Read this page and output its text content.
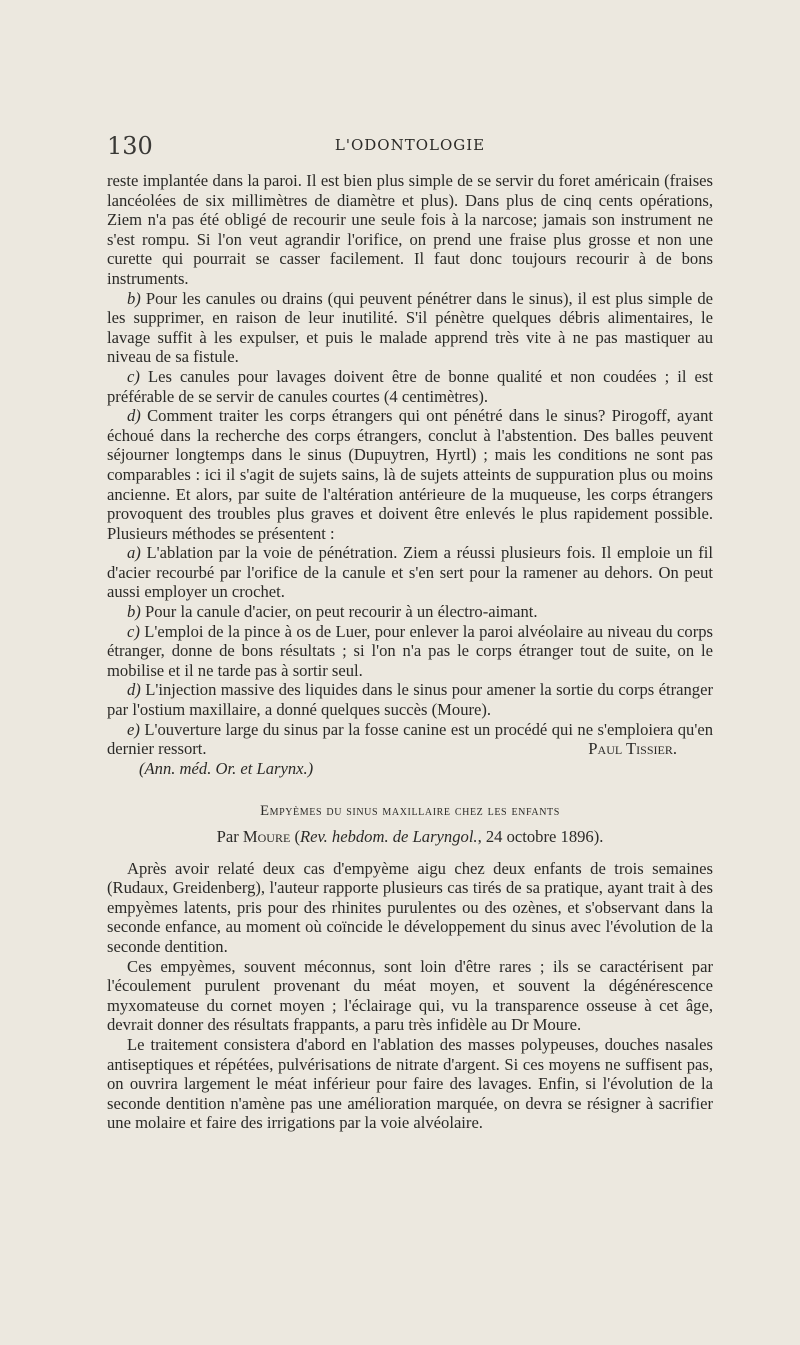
130	L'ODONTOLOGIE

reste implantée dans la paroi. Il est bien plus simple de se servir du foret américain (fraises lancéolées de six millimètres de diamètre et plus). Dans plus de cinq cents opérations, Ziem n'a pas été obligé de recourir une seule fois à la narcose; jamais son instrument ne s'est rompu. Si l'on veut agrandir l'orifice, on prend une fraise plus grosse et non une curette qui pourrait se casser facilement. Il faut donc toujours recourir à de bons instruments.

b) Pour les canules ou drains (qui peuvent pénétrer dans le sinus), il est plus simple de les supprimer, en raison de leur inutilité. S'il pénètre quelques débris alimentaires, le lavage suffit à les expulser, et puis le malade apprend très vite à ne pas mastiquer au niveau de sa fistule.

c) Les canules pour lavages doivent être de bonne qualité et non coudées ; il est préférable de se servir de canules courtes (4 centimètres).

d) Comment traiter les corps étrangers qui ont pénétré dans le sinus? Pirogoff, ayant échoué dans la recherche des corps étrangers, conclut à l'abstention. Des balles peuvent séjourner longtemps dans le sinus (Dupuytren, Hyrtl) ; mais les conditions ne sont pas comparables : ici il s'agit de sujets sains, là de sujets atteints de suppuration plus ou moins ancienne. Et alors, par suite de l'altération antérieure de la muqueuse, les corps étrangers provoquent des troubles plus graves et doivent être enlevés le plus rapidement possible. Plusieurs méthodes se présentent :

a) L'ablation par la voie de pénétration. Ziem a réussi plusieurs fois. Il emploie un fil d'acier recourbé par l'orifice de la canule et s'en sert pour la ramener au dehors. On peut aussi employer un crochet.

b) Pour la canule d'acier, on peut recourir à un électro-aimant.

c) L'emploi de la pince à os de Luer, pour enlever la paroi alvéolaire au niveau du corps étranger, donne de bons résultats ; si l'on n'a pas le corps étranger tout de suite, on le mobilise et il ne tarde pas à sortir seul.

d) L'injection massive des liquides dans le sinus pour amener la sortie du corps étranger par l'ostium maxillaire, a donné quelques succès (Moure).

e) L'ouverture large du sinus par la fosse canine est un procédé qui ne s'emploiera qu'en dernier ressort.	Paul Tissier.

(Ann. méd. Or. et Larynx.)

Empyèmes du sinus maxillaire chez les enfants

Par Moure (Rev. hebdom. de Laryngol., 24 octobre 1896).

Après avoir relaté deux cas d'empyème aigu chez deux enfants de trois semaines (Rudaux, Greidenberg), l'auteur rapporte plusieurs cas tirés de sa pratique, ayant trait à des empyèmes latents, pris pour des rhinites purulentes ou des ozènes, et s'observant dans la seconde enfance, au moment où coïncide le développement du sinus avec l'évolution de la seconde dentition.

Ces empyèmes, souvent méconnus, sont loin d'être rares ; ils se caractérisent par l'écoulement purulent provenant du méat moyen, et souvent la dégénérescence myxomateuse du cornet moyen ; l'éclairage qui, vu la transparence osseuse à cet âge, devrait donner des résultats frappants, a paru très infidèle au Dr Moure.

Le traitement consistera d'abord en l'ablation des masses polypeuses, douches nasales antiseptiques et répétées, pulvérisations de nitrate d'argent. Si ces moyens ne suffisent pas, on ouvrira largement le méat inférieur pour faire des lavages. Enfin, si l'évolution de la seconde dentition n'amène pas une amélioration marquée, on devra se résigner à sacrifier une molaire et faire des irrigations par la voie alvéolaire.
